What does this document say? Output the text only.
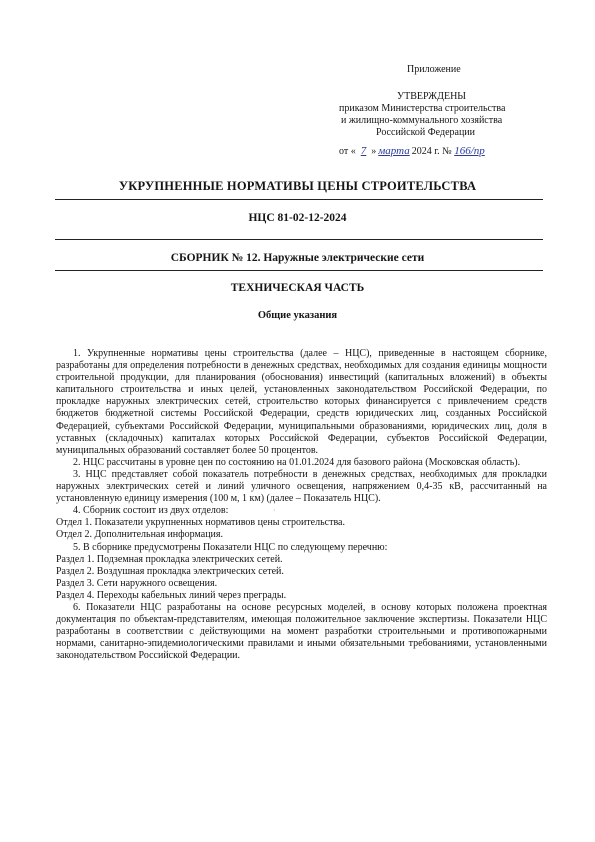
Приложение
УТВЕРЖДЕНЫ
приказом Министерства строительства
и жилищно-коммунального хозяйства
Российской Федерации
от « 7 » марта 2024 г. № 166/пр
УКРУПНЕННЫЕ НОРМАТИВЫ ЦЕНЫ СТРОИТЕЛЬСТВА
НЦС 81-02-12-2024
СБОРНИК № 12. Наружные электрические сети
ТЕХНИЧЕСКАЯ ЧАСТЬ
Общие указания

1. Укрупненные нормативы цены строительства (далее – НЦС), приведенные в настоящем сборнике, разработаны для определения потребности в денежных средствах, необходимых для создания единицы мощности строительной продукции, для планирования (обоснования) инвестиций (капитальных вложений) в объекты капитального строительства и иных целей, установленных законодательством Российской Федерации, по прокладке наружных электрических сетей, строительство которых финансируется с привлечением средств бюджетов бюджетной системы Российской Федерации, средств юридических лиц, созданных Российской Федерацией, субъектами Российской Федерации, муниципальными образованиями, юридических лиц, доля в уставных (складочных) капиталах которых Российской Федерации, субъектов Российской Федерации, муниципальных образований составляет более 50 процентов.

2. НЦС рассчитаны в уровне цен по состоянию на 01.01.2024 для базового района (Московская область).

3. НЦС представляет собой показатель потребности в денежных средствах, необходимых для прокладки наружных электрических сетей и линий уличного освещения, напряжением 0,4-35 кВ, рассчитанный на установленную единицу измерения (100 м, 1 км) (далее – Показатель НЦС).

4. Сборник состоит из двух отделов:

Отдел 1. Показатели укрупненных нормативов цены строительства.

Отдел 2. Дополнительная информация.

5. В сборнике предусмотрены Показатели НЦС по следующему перечню:

Раздел 1. Подземная прокладка электрических сетей.

Раздел 2. Воздушная прокладка электрических сетей.

Раздел 3. Сети наружного освещения.

Раздел 4. Переходы кабельных линий через преграды.

6. Показатели НЦС разработаны на основе ресурсных моделей, в основу которых положена проектная документация по объектам-представителям, имеющая положительное заключение экспертизы. Показатели НЦС разработаны в соответствии с действующими на момент разработки строительными и противопожарными нормами, санитарно-эпидемиологическими правилами и иными обязательными требованиями, установленными законодательством Российской Федерации.

·
